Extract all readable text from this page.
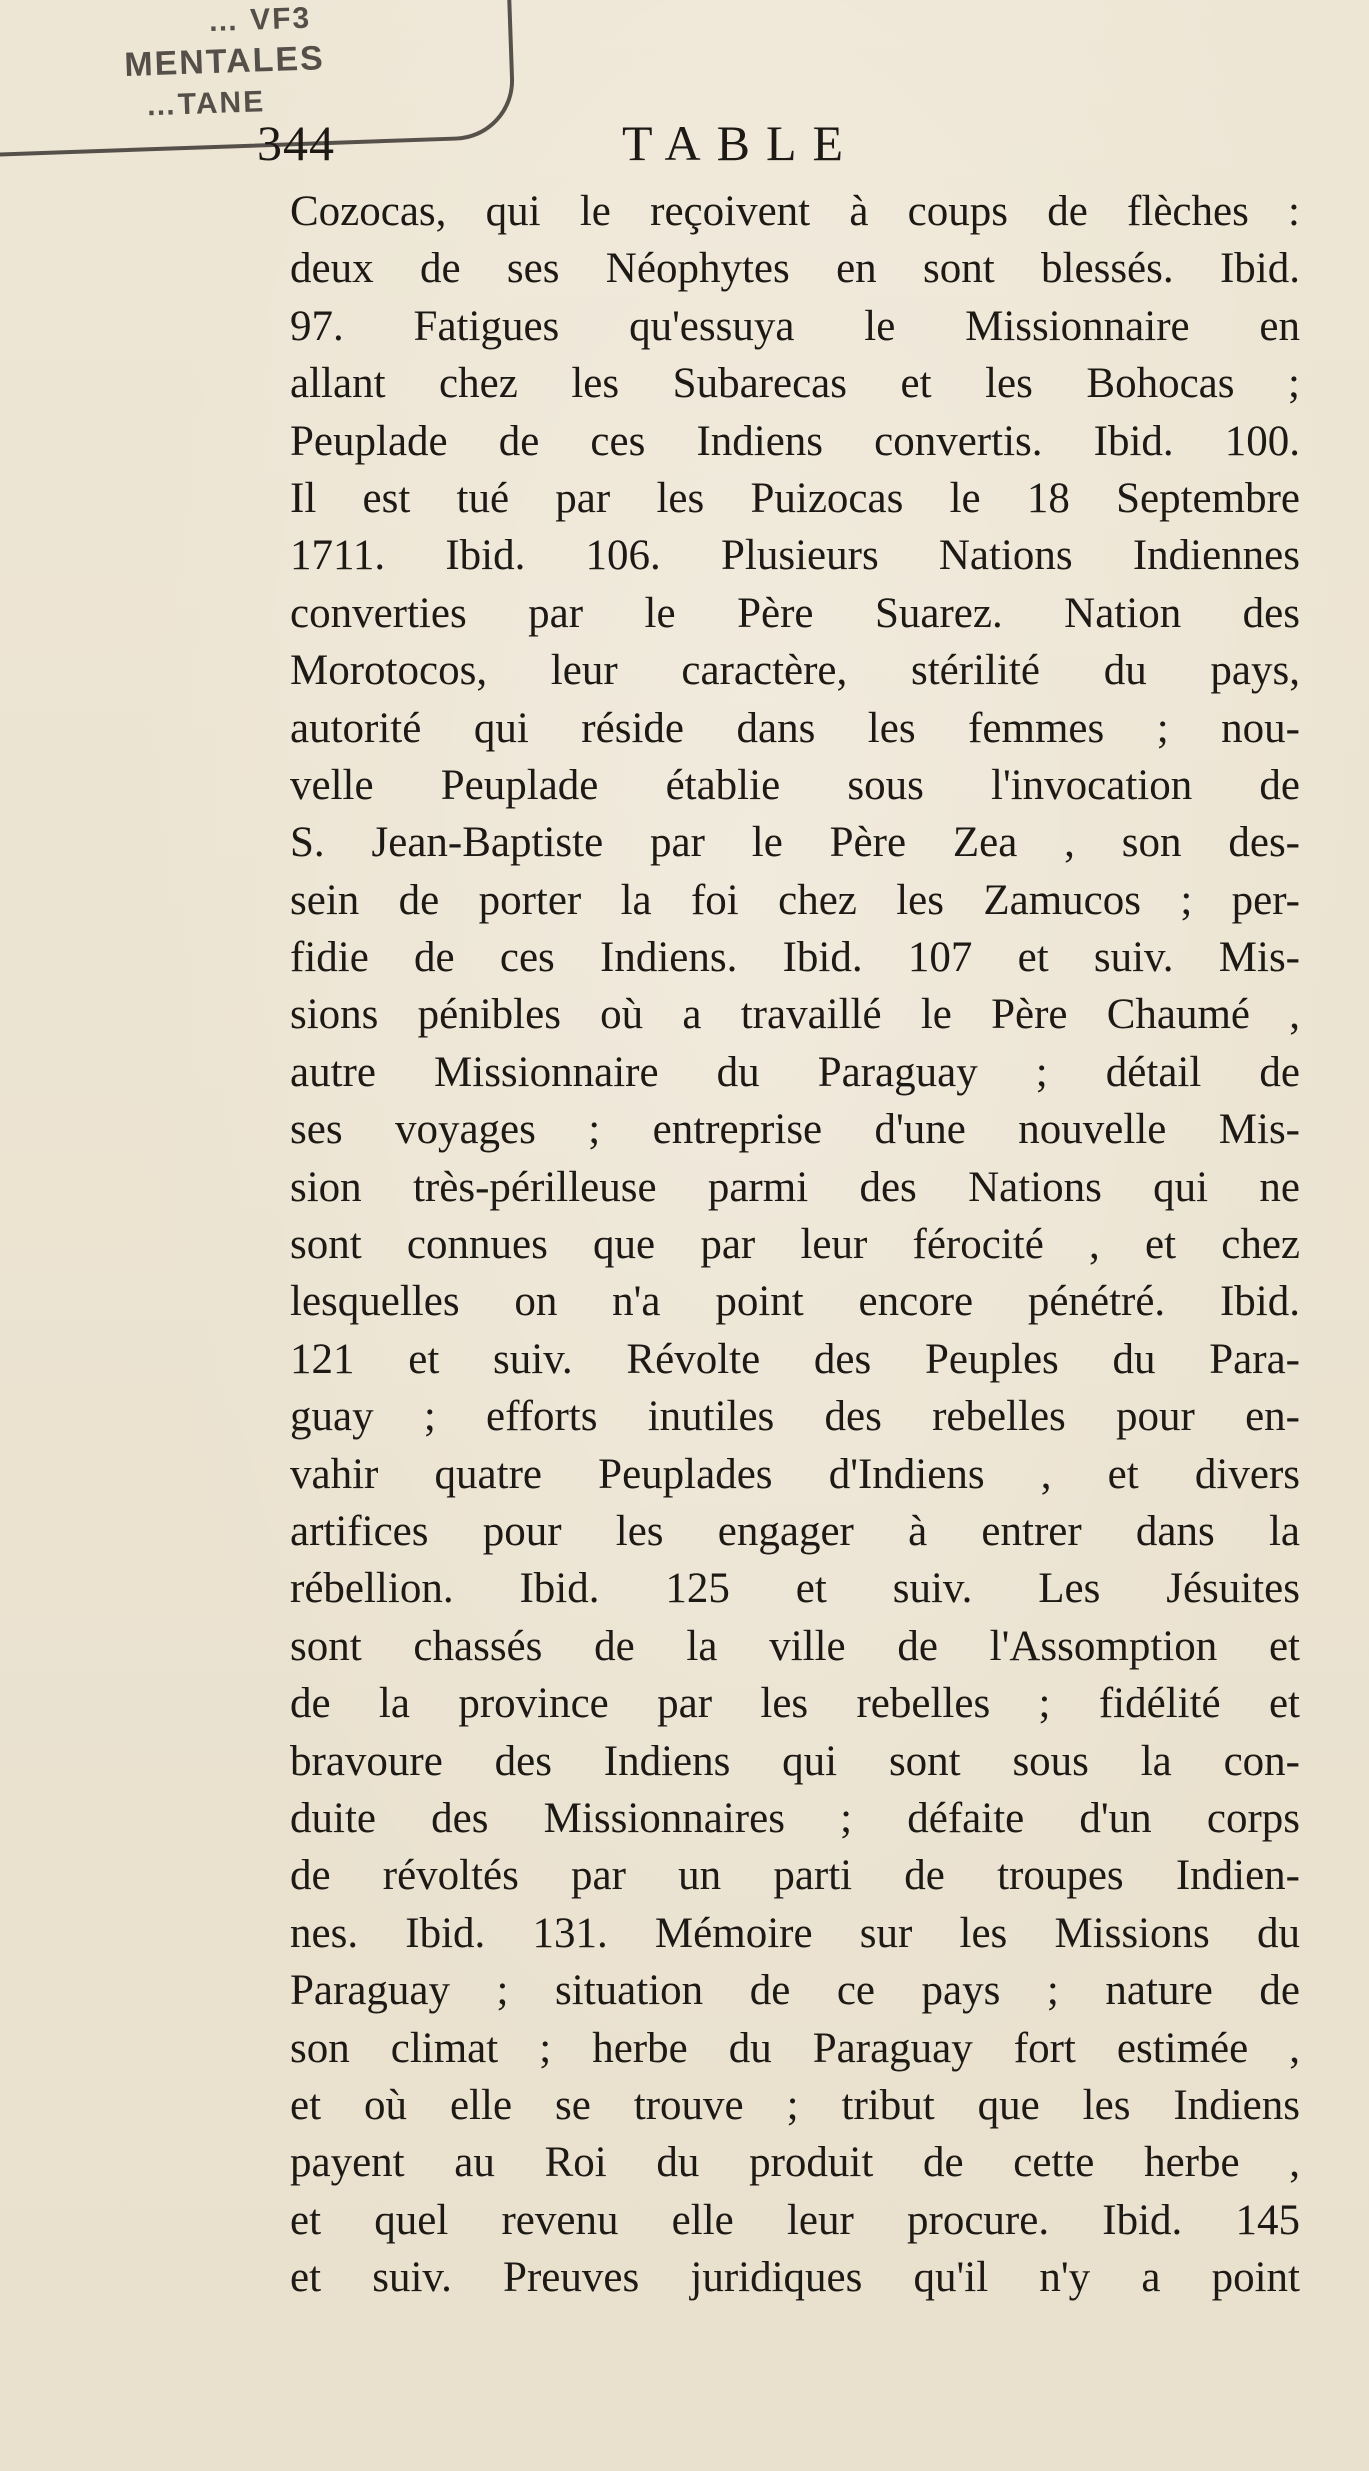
… VF3
MENTALES
…TANE
344	TABLE
Cozocas, qui le reçoivent à coups de flèches :
deux de ses Néophytes en sont blessés. Ibid.
97. Fatigues qu'essuya le Missionnaire en
allant chez les Subarecas et les Bohocas ;
Peuplade de ces Indiens convertis. Ibid. 100.
Il est tué par les Puizocas le 18 Septembre
1711. Ibid. 106. Plusieurs Nations Indiennes
converties par le Père Suarez. Nation des
Morotocos, leur caractère, stérilité du pays,
autorité qui réside dans les femmes ; nou-
velle Peuplade établie sous l'invocation de
S. Jean-Baptiste par le Père Zea , son des-
sein de porter la foi chez les Zamucos ; per-
fidie de ces Indiens. Ibid. 107 et suiv. Mis-
sions pénibles où a travaillé le Père Chaumé ,
autre Missionnaire du Paraguay ; détail de
ses voyages ; entreprise d'une nouvelle Mis-
sion très-périlleuse parmi des Nations qui ne
sont connues que par leur férocité , et chez
lesquelles on n'a point encore pénétré. Ibid.
121 et suiv. Révolte des Peuples du Para-
guay ; efforts inutiles des rebelles pour en-
vahir quatre Peuplades d'Indiens , et divers
artifices pour les engager à entrer dans la
rébellion. Ibid. 125 et suiv. Les Jésuites
sont chassés de la ville de l'Assomption et
de la province par les rebelles ; fidélité et
bravoure des Indiens qui sont sous la con-
duite des Missionnaires ; défaite d'un corps
de révoltés par un parti de troupes Indien-
nes. Ibid. 131. Mémoire sur les Missions du
Paraguay ; situation de ce pays ; nature de
son climat ; herbe du Paraguay fort estimée ,
et où elle se trouve ; tribut que les Indiens
payent au Roi du produit de cette herbe ,
et quel revenu elle leur procure. Ibid. 145
et suiv. Preuves juridiques qu'il n'y a point
